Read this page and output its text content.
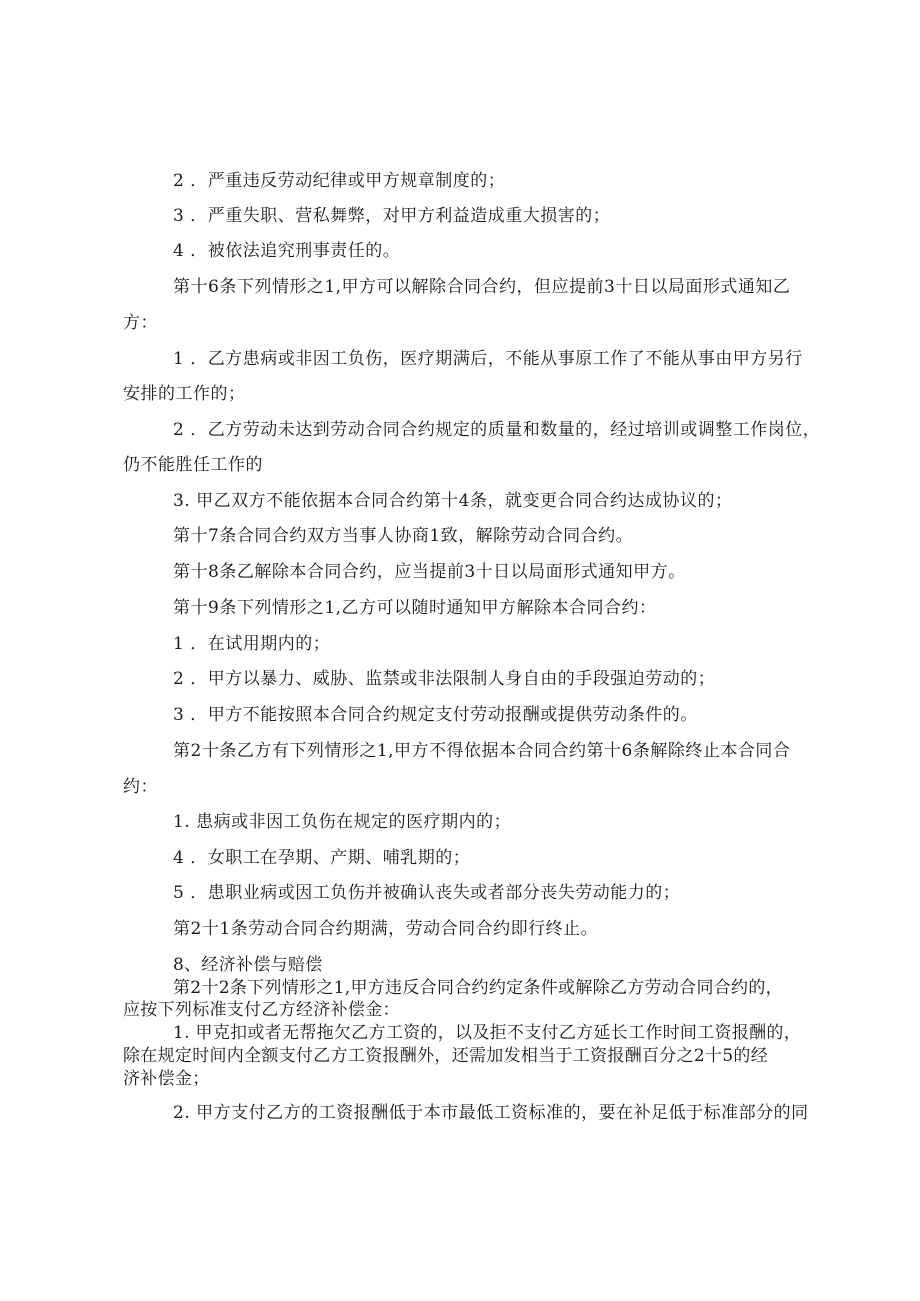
2 ．严重违反劳动纪律或甲方规章制度的；
3 ．严重失职、营私舞弊，对甲方利益造成重大损害的；
4 ．被依法追究刑事责任的。
第十6条下列情形之1,甲方可以解除合同合约，但应提前3十日以局面形式通知乙
方：
1 ．乙方患病或非因工负伤，医疗期满后，不能从事原工作了不能从事由甲方另行
安排的工作的；
2 ．乙方劳动未达到劳动合同合约规定的质量和数量的，经过培训或调整工作岗位，
仍不能胜任工作的
3. 甲乙双方不能依据本合同合约第十4条，就变更合同合约达成协议的；
第十7条合同合约双方当事人协商1致，解除劳动合同合约。
第十8条乙解除本合同合约，应当提前3十日以局面形式通知甲方。
第十9条下列情形之1,乙方可以随时通知甲方解除本合同合约：
1 ．在试用期内的；
2 ．甲方以暴力、威胁、监禁或非法限制人身自由的手段强迫劳动的；
3 ．甲方不能按照本合同合约规定支付劳动报酬或提供劳动条件的。
第2十条乙方有下列情形之1,甲方不得依据本合同合约第十6条解除终止本合同合
约：
1. 患病或非因工负伤在规定的医疗期内的；
4 ．女职工在孕期、产期、哺乳期的；
5 ．患职业病或因工负伤并被确认丧失或者部分丧失劳动能力的；
第2十1条劳动合同合约期满，劳动合同合约即行终止。
8、经济补偿与赔偿
第2十2条下列情形之1,甲方违反合同合约约定条件或解除乙方劳动合同合约的，
应按下列标准支付乙方经济补偿金：
1. 甲克扣或者无帮拖欠乙方工资的，以及拒不支付乙方延长工作时间工资报酬的，
除在规定时间内全额支付乙方工资报酬外，还需加发相当于工资报酬百分之2十5的经
济补偿金；
2. 甲方支付乙方的工资报酬低于本市最低工资标准的，要在补足低于标准部分的同
